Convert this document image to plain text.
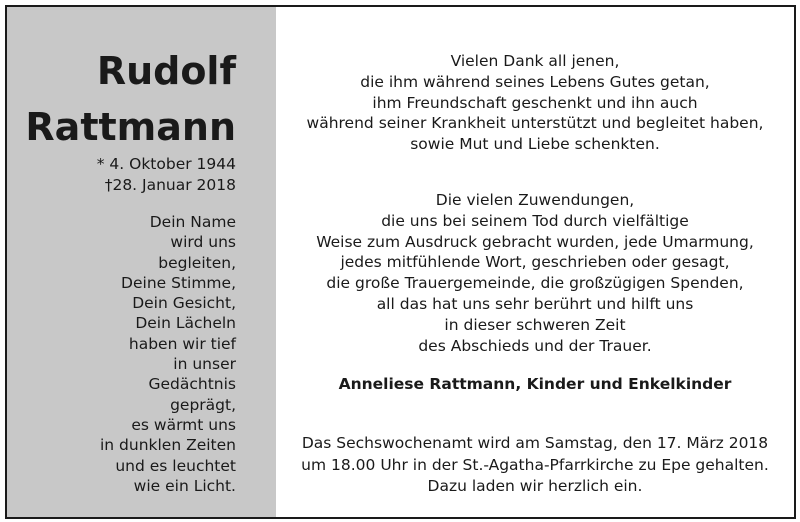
Rudolf
Rattmann
* 4. Oktober 1944
†28. Januar 2018
Dein Name
wird uns
begleiten,
Deine Stimme,
Dein Gesicht,
Dein Lächeln
haben wir tief
in unser
Gedächtnis
geprägt,
es wärmt uns
in dunklen Zeiten
und es leuchtet
wie ein Licht.
Vielen Dank all jenen,
die ihm während seines Lebens Gutes getan,
ihm Freundschaft geschenkt und ihn auch
während seiner Krankheit unterstützt und begleitet haben,
sowie Mut und Liebe schenkten.
Die vielen Zuwendungen,
die uns bei seinem Tod durch vielfältige
Weise zum Ausdruck gebracht wurden, jede Umarmung,
jedes mitfühlende Wort, geschrieben oder gesagt,
die große Trauergemeinde, die großzügigen Spenden,
all das hat uns sehr berührt und hilft uns
in dieser schweren Zeit
des Abschieds und der Trauer.
Anneliese Rattmann, Kinder und Enkelkinder
Das Sechswochenamt wird am Samstag, den 17. März 2018
um 18.00 Uhr in der St.-Agatha-Pfarrkirche zu Epe gehalten.
Dazu laden wir herzlich ein.
